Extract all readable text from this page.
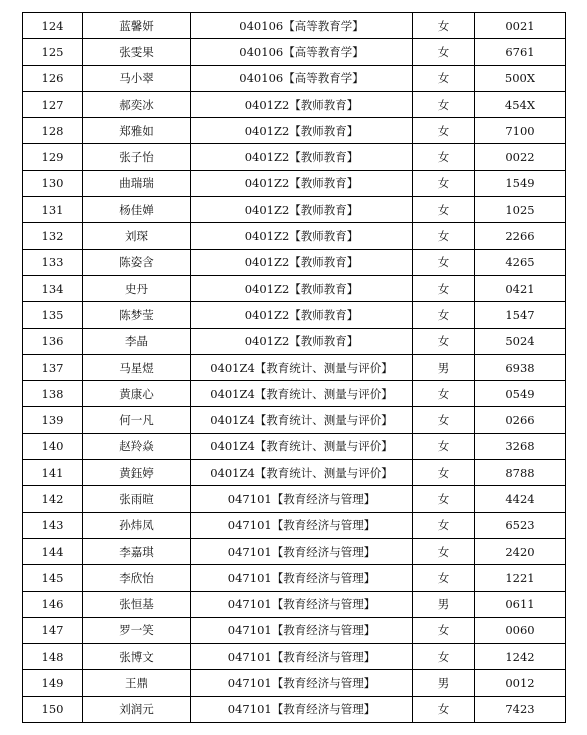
124	蓝馨妍	040106【高等教育学】	女	0021
125	张雯果	040106【高等教育学】	女	6761
126	马小翠	040106【高等教育学】	女	500X
127	郝奕冰	0401Z2【教师教育】	女	454X
128	郑雅如	0401Z2【教师教育】	女	7100
129	张子怡	0401Z2【教师教育】	女	0022
130	曲瑞瑞	0401Z2【教师教育】	女	1549
131	杨佳婵	0401Z2【教师教育】	女	1025
132	刘琛	0401Z2【教师教育】	女	2266
133	陈姿含	0401Z2【教师教育】	女	4265
134	史丹	0401Z2【教师教育】	女	0421
135	陈梦莹	0401Z2【教师教育】	女	1547
136	李晶	0401Z2【教师教育】	女	5024
137	马星煜	0401Z4【教育统计、测量与评价】	男	6938
138	黄康心	0401Z4【教育统计、测量与评价】	女	0549
139	何一凡	0401Z4【教育统计、测量与评价】	女	0266
140	赵羚焱	0401Z4【教育统计、测量与评价】	女	3268
141	黄鈺婷	0401Z4【教育统计、测量与评价】	女	8788
142	张雨暄	047101【教育经济与管理】	女	4424
143	孙炜凤	047101【教育经济与管理】	女	6523
144	李嘉琪	047101【教育经济与管理】	女	2420
145	李欣怡	047101【教育经济与管理】	女	1221
146	张恒基	047101【教育经济与管理】	男	0611
147	罗一笑	047101【教育经济与管理】	女	0060
148	张博文	047101【教育经济与管理】	女	1242
149	王鼎	047101【教育经济与管理】	男	0012
150	刘润元	047101【教育经济与管理】	女	7423
